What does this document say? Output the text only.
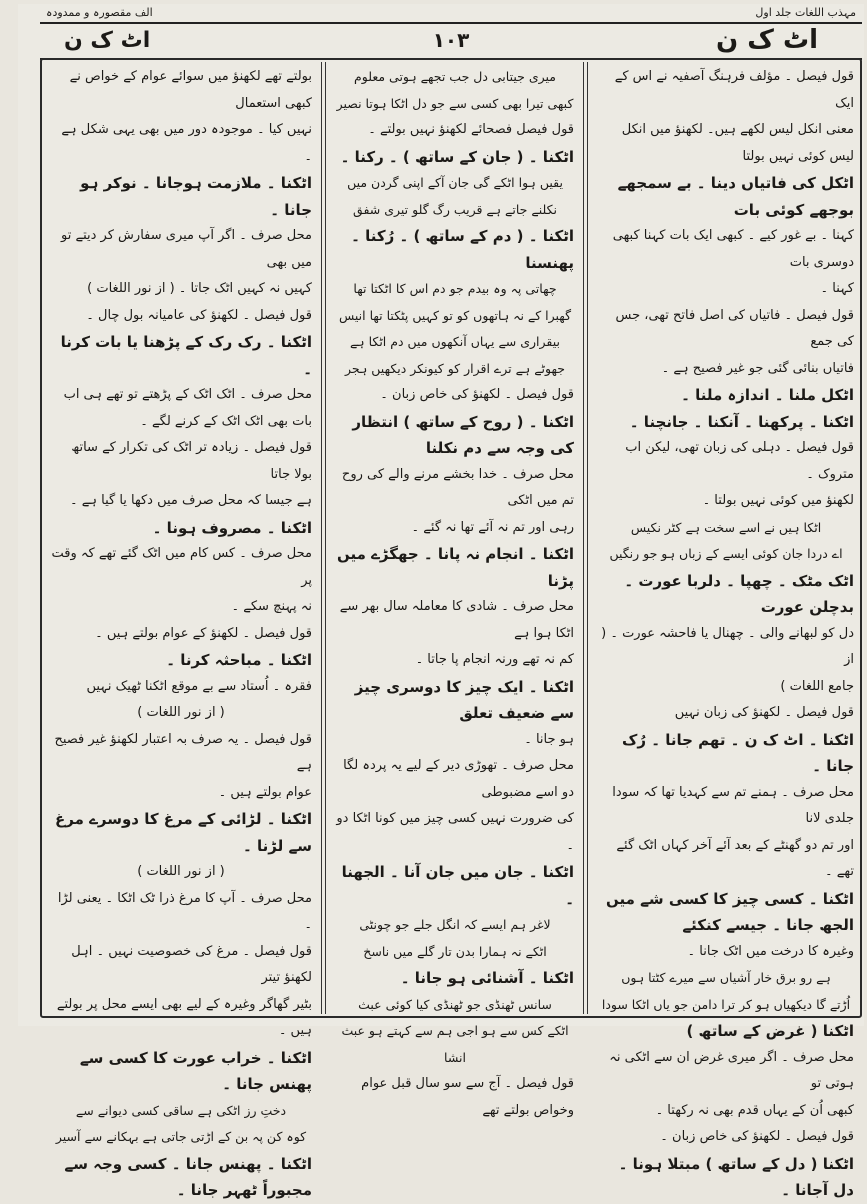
مہذب اللغات جلد اول
الف مقصورہ و ممدودہ
اٹ ک ن
۱۰۳
اٹ ک ن

قول فیصل ۔ مؤلف فرہنگ آصفیہ نے اس کے ایک

معنی انکل لیس لکھے ہیں۔ لکھنؤ میں انکل لیس کوئی نہیں بولتا

اٹکل کی فاتیاں دینا ۔ بے سمجھے بوجھے کوئی بات

کہنا ۔ بے غور کیے ۔ کبھی ایک بات کہنا کبھی دوسری بات

کہنا ۔

قول فیصل ۔ فاتیاں کی اصل فاتح تھی، جس کی جمع

فاتیاں بنائی گئی جو غیر فصیح ہے ۔

اٹکل ملنا ۔ اندازہ ملنا ۔

اٹکنا ۔ پرکھنا ۔ آنکنا ۔ جانچنا ۔

قول فیصل ۔ دہلی کی زبان تھی، لیکن اب متروک ۔

لکھنؤ میں کوئی نہیں بولتا ۔

اٹکا ہیں نے اسے سخت ہے کٹر نکیس

اے دردا جان کوئی ایسے کے زباں ہو جو رنگیں

اٹک مٹک ۔ چھپا ۔ دلربا عورت ۔ بدچلن عورت

دل کو لبھانے والی ۔ چھنال یا فاحشہ عورت ۔ ( از

جامع اللغات )

قول فیصل ۔ لکھنؤ کی زبان نہیں

اٹکنا ۔ اٹ ک ن ۔ تھم جانا ۔ رُک جانا ۔

محل صرف ۔ ہمنے تم سے کہدیا تھا کہ سودا جلدی لانا

اور تم دو گھنٹے کے بعد آئے آخر کہاں اٹک گئے تھے ۔

اٹکنا ۔ کسی چیز کا کسی شے میں الجھ جانا ۔ جیسے کنکئے

وغیرہ کا درخت میں اٹک جانا ۔

ہے رو برق خار آشیاں سے میرے کٹتا ہوں

اُڑتے گا دیکھیاں ہو کر ترا دامن جو یاں اٹکا سودا

اٹکنا ( غرض کے ساتھ )

محل صرف ۔ اگر میری غرض ان سے اٹکی نہ ہوتی تو

کبھی اُن کے یہاں قدم بھی نہ رکھتا ۔

قول فیصل ۔ لکھنؤ کی خاص زبان ۔

اٹکنا ( دل کے ساتھ ) مبتلا ہونا ۔ دل آجانا ۔

میری جیتابی دل جب تجھے ہوتی معلوم

کبھی تیرا بھی کسی سے جو دل اٹکا ہوتا نصیر

قول فیصل فصحائے لکھنؤ نہیں بولتے ۔

اٹکنا ۔ ( جان کے ساتھ ) ۔ رکنا ۔

یقیں ہوا اٹکے گی جان آکے اپنی گردن میں

نکلنے جاتے ہے قریب رگ گلو تیری شفق

اٹکنا ۔ ( دم کے ساتھ ) ۔ رُکنا ۔ پھنسنا

چھاتی پہ وہ بیدم جو دم اس کا اٹکتا تھا

گھبرا کے نہ ہاتھوں کو تو کہیں پٹکتا تھا انیس

بیقراری سے یہاں آنکھوں میں دم اٹکا ہے

جھوٹے ہے ترے اقرار کو کیونکر دیکھیں ہجر

قول فیصل ۔ لکھنؤ کی خاص زبان ۔

اٹکنا ۔ ( روح کے ساتھ ) انتظار کی وجہ سے دم نکلنا

محل صرف ۔ خدا بخشے مرنے والے کی روح تم میں اٹکی

رہی اور تم نہ آئے تھا نہ گئے ۔

اٹکنا ۔ انجام نہ پانا ۔ جھگڑے میں پڑنا

محل صرف ۔ شادی کا معاملہ سال بھر سے اٹکا ہوا ہے

کم نہ تھے ورنہ انجام پا جاتا ۔

اٹکنا ۔ ایک چیز کا دوسری چیز سے ضعیف تعلق

ہو جانا ۔

محل صرف ۔ تھوڑی دیر کے لیے یہ پردہ لگا دو اسے مضبوطی

کی ضرورت نہیں کسی چیز میں کونا اٹکا دو ۔

اٹکنا ۔ جان میں جان آنا ۔ الجھنا ۔

لاغر ہم ایسے کہ انگل جلے جو چونٹی

اٹکے نہ ہمارا بدن تار گلے میں ناسخ

اٹکنا ۔ آشنائی ہو جانا ۔

سانس ٹھنڈی جو ٹھنڈی کیا کوئی عبث

اٹکے کس سے ہو اجی ہم سے کہتے ہو عبث انشا

قول فیصل ۔ آج سے سو سال قبل عوام وخواص بولتے تھے

بولتے تھے لکھنؤ میں سوائے عوام کے خواص نے کبھی استعمال

نہیں کیا ۔ موجودہ دور میں بھی یہی شکل ہے ۔

اٹکنا ۔ ملازمت ہوجانا ۔ نوکر ہو جانا ۔

محل صرف ۔ اگر آپ میری سفارش کر دیتے تو میں بھی

کہیں نہ کہیں اٹک جاتا ۔ ( از نور اللغات )

قول فیصل ۔ لکھنؤ کی عامیانہ بول چال ۔

اٹکنا ۔ رک رک کے پڑھنا یا بات کرنا ۔

محل صرف ۔ اٹک اٹک کے پڑھتے تو تھے ہی اب

بات بھی اٹک اٹک کے کرنے لگے ۔

قول فیصل ۔ زیادہ تر اٹک کی تکرار کے ساتھ بولا جاتا

ہے جیسا کہ محل صرف میں دکھا یا گیا ہے ۔

اٹکنا ۔ مصروف ہونا ۔

محل صرف ۔ کس کام میں اٹک گئے تھے کہ وقت پر

نہ پہنچ سکے ۔

قول فیصل ۔ لکھنؤ کے عوام بولتے ہیں ۔

اٹکنا ۔ مباحثہ کرنا ۔

فقرہ ۔ اُستاد سے بے موقع اٹکنا ٹھیک نہیں

( از نور اللغات )

قول فیصل ۔ یہ صرف بہ اعتبار لکھنؤ غیر فصیح ہے

عوام بولتے ہیں ۔

اٹکنا ۔ لڑائی کے مرغ کا دوسرے مرغ سے لڑنا ۔

( از نور اللغات )

محل صرف ۔ آپ کا مرغ ذرا ٹک اٹکا ۔ یعنی لڑا ۔

قول فیصل ۔ مرغ کی خصوصیت نہیں ۔ اہل لکھنؤ تیتر

بٹیر گھاگر وغیرہ کے لیے بھی ایسے محل پر بولتے ہیں ۔

اٹکنا ۔ خراب عورت کا کسی سے پھنس جانا ۔

دختِ رز اٹکی ہے ساقی کسی دیوانے سے

کوہ کن پہ بن کے اڑتی جاتی ہے بہکانے سے آسیر

اٹکنا ۔ پھنس جانا ۔ کسی وجہ سے مجبوراً ٹھہر جانا ۔
